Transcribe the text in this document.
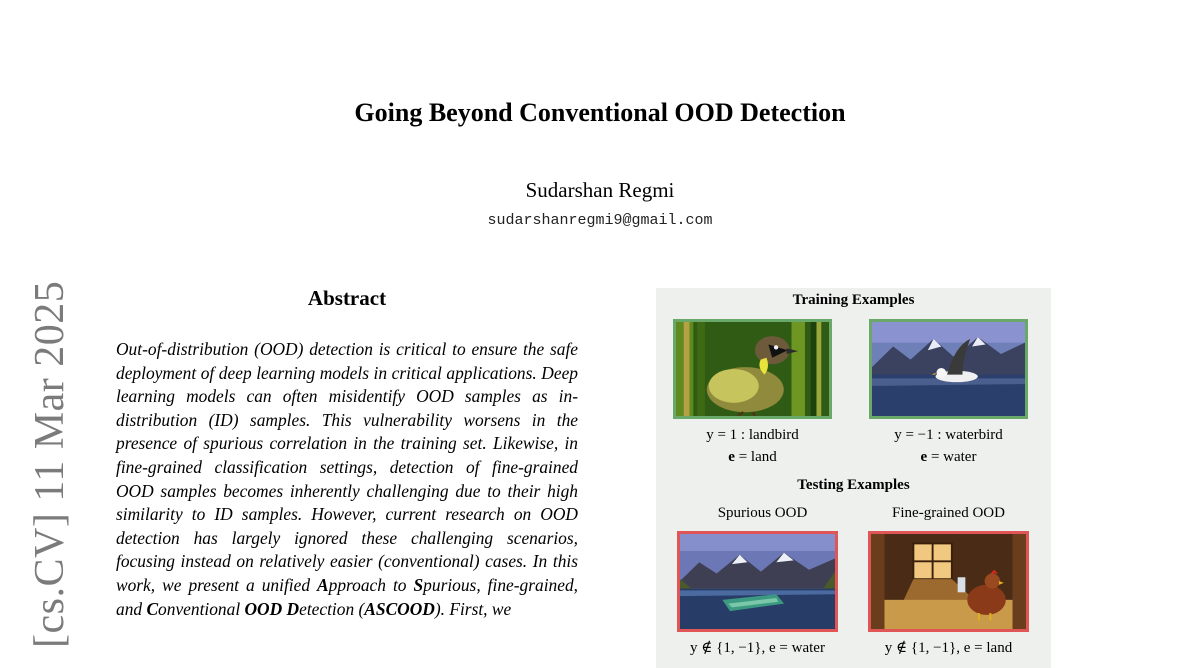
Going Beyond Conventional OOD Detection
Sudarshan Regmi
sudarshanregmi9@gmail.com
[cs.CV] 11 Mar 2025	Abstract
Out-of-distribution (OOD) detection is critical to ensure the safe deployment of deep learning models in critical applications. Deep learning models can often misidentify OOD samples as in-distribution (ID) samples. This vulnerability worsens in the presence of spurious correlation in the training set. Likewise, in fine-grained classification settings, detection of fine-grained OOD samples becomes inherently challenging due to their high similarity to ID samples. However, current research on OOD detection has largely ignored these challenging scenarios, focusing instead on relatively easier (conventional) cases. In this work, we present a unified Approach to Spurious, fine-grained, and Conventional OOD Detection (ASCOOD). First, we
Training Examples
y = 1 : landbird
e = land
y = −1 : waterbird
e = water
Testing Examples
Spurious OOD	Fine-grained OOD
y ∉ {1, −1}, e = water	y ∉ {1, −1}, e = land
